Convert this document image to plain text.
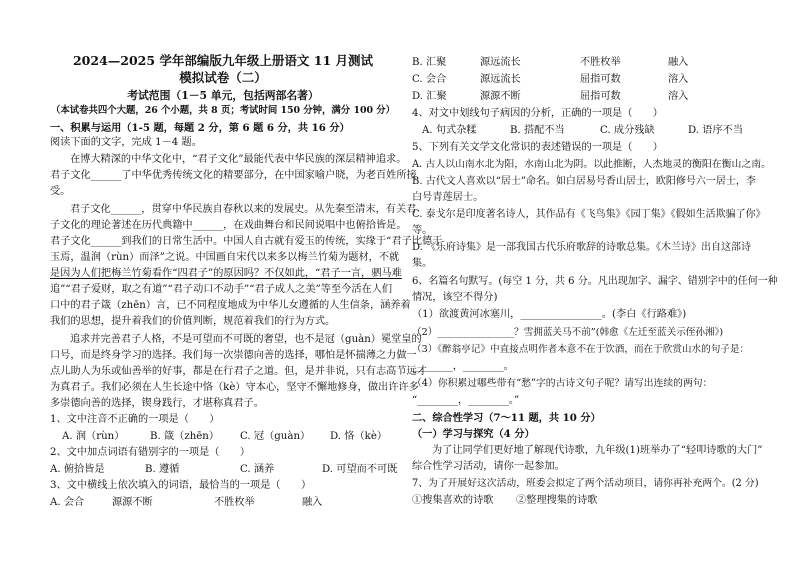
2024—2025 学年部编版九年级上册语文 11 月测试
模拟试卷（二）
考试范围（1－5 单元，包括两部名著）
（本试卷共四个大题，26 个小题，共 8 页；考试时间 150 分钟，满分 100 分）
一、积累与运用（1-5 题，每题 2 分，第 6 题 6 分，共 16 分）
阅读下面的文字，完成 1－4 题。
在博大精深的中华文化中，“君子文化”最能代表中华民族的深层精神追求。
君子文化______了中华优秀传统文化的精要部分，在中国家喻户晓，为老百姓所接
受。
君子文化______，贯穿中华民族自春秋以来的发展史。从先秦至清末，有关君
子文化的理论著述在历代典籍中______，在戏曲舞台和民间说唱中也俯拾皆是。
君子文化______到我们的日常生活中。中国人自古就有爱玉的传统，实缘于“君子比德于
玉焉，温润（rùn）而泽”之说。中国画自宋代以来多以梅兰竹菊为题材，不就
是因为人们把梅兰竹菊看作“四君子”的原因吗？不仅如此，“君子一言，驷马难
追”“君子爱财，取之有道”“君子动口不动手”“君子成人之美”等至今活在人们
口中的君子箴（zhēn）言，已不同程度地成为中华儿女遵循的人生信条，涵养着
我们的思想，提升着我们的价值判断，规范着我们的行为方式。
追求并完善君子人格，不是可望而不可既的奢望，也不是冠（guàn）冕堂皇的
口号，而是终身学习的选择。我们每一次崇德向善的选择，哪怕是怀揣薄之力做一
点儿助人为乐或仙善举的好事，都是在行君子之道。但，是并非说，只有志高节远才
为真君子。我们必须在人生长途中恪（kè）守本心，坚守不懈地修身，做出许许多
多崇德向善的选择，锲身践行，才堪称真君子。
1、文中注音不正确的一项是（　　）
A. 润（rùn）	B. 箴（zhēn） C. 冠（guàn） D. 恪（kè）
2、文中加点词语有错别字的一项是（　　）
A. 俯拾皆是	B. 遵循	C. 涵养	D. 可望而不可既
3、文中横线上依次填入的词语，最恰当的一项是（　　）
A. 会合	源源不断	不胜枚举	融入
B. 汇聚	源远流长	不胜枚举	融入
C. 会合	源远流长	屈指可数	溶入
D. 汇聚	源源不断	屈指可数	溶入
4、对文中划线句子病因的分析，正确的一项是（　　）
A. 句式杂糅	B. 搭配不当	C. 成分残缺	D. 语序不当
5、下列有关文学文化常识的表述错误的一项是（　　）
A. 古人以山南水北为阳，水南山北为阴。以此推断，人杰地灵的衡阳在衡山之南。
B. 古代文人喜欢以“居士”命名。如白居易号香山居士，欧阳修号六一居士，李
白号青莲居士。
C. 泰戈尔是印度著名诗人，其作品有《飞鸟集》《园丁集》《假如生活欺骗了你》
等。
D. 《乐府诗集》是一部我国古代乐府歌辞的诗歌总集。《木兰诗》出自这部诗
集。
6、名篇名句默写。(每空 1 分，共 6 分。凡出现加字、漏字、错别字中的任何一种
情况，该空不得分)
（1）欲渡黄河冰塞川，________________。(李白《行路难》)
（2）________________？雪拥蓝关马不前”(韩愈《左迁至蓝关示侄孙湘》)
（3）《醉翁亭记》中直接点明作者本意不在于饮酒，而在于欣赏山水的句子是：
________，________。
（4）你积累过哪些带有“愁”字的古诗文句子呢？请写出连续的两句：
“________，________。”
二、综合性学习（7～11 题，共 10 分）
（一）学习与探究（4 分）
为了让同学们更好地了解现代诗歌，九年级(1)班举办了“轻叩诗歌的大门”
综合性学习活动，请你一起参加。
7、为了开展好这次活动，班委会拟定了两个活动项目，请你再补充两个。(2 分)
①搜集喜欢的诗歌 ②整理搜集的诗歌
